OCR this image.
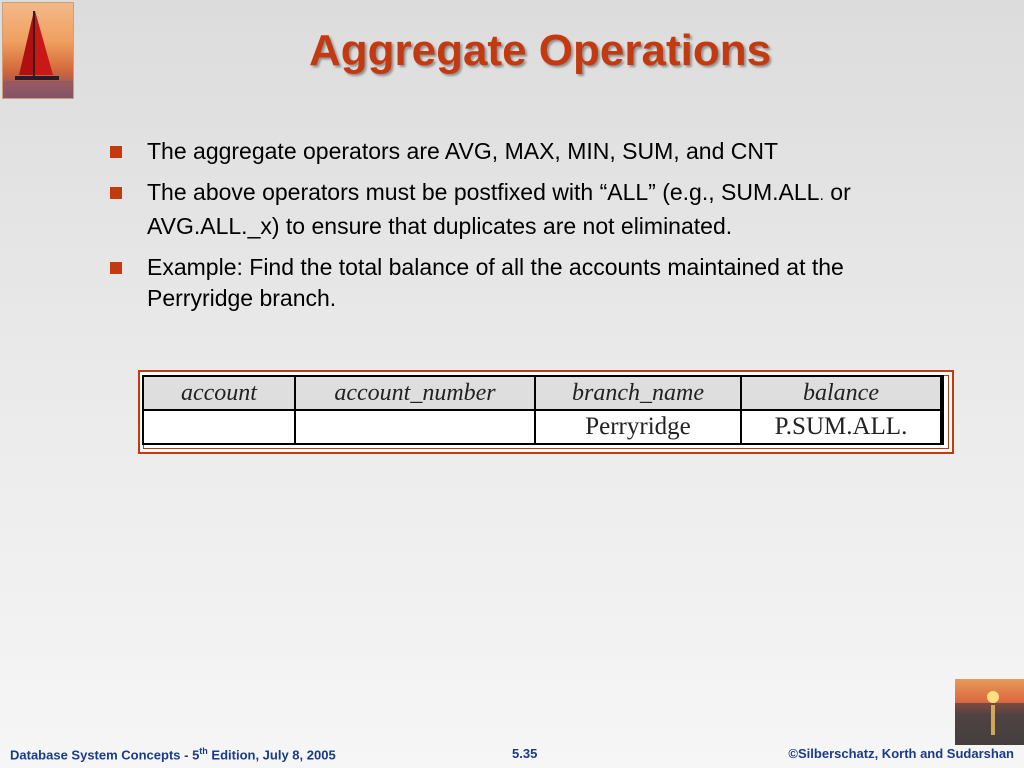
Aggregate Operations
The aggregate operators are AVG, MAX, MIN, SUM, and CNT
The above operators must be postfixed with “ALL” (e.g., SUM.ALL. or AVG.ALL._x) to ensure that duplicates are not eliminated.
Example: Find the total balance of all the accounts maintained at the Perryridge branch.
account	account_number	branch_name	balance
		Perryridge	P.SUM.ALL.
Database System Concepts - 5th Edition, July 8, 2005	5.35	©Silberschatz, Korth and Sudarshan
